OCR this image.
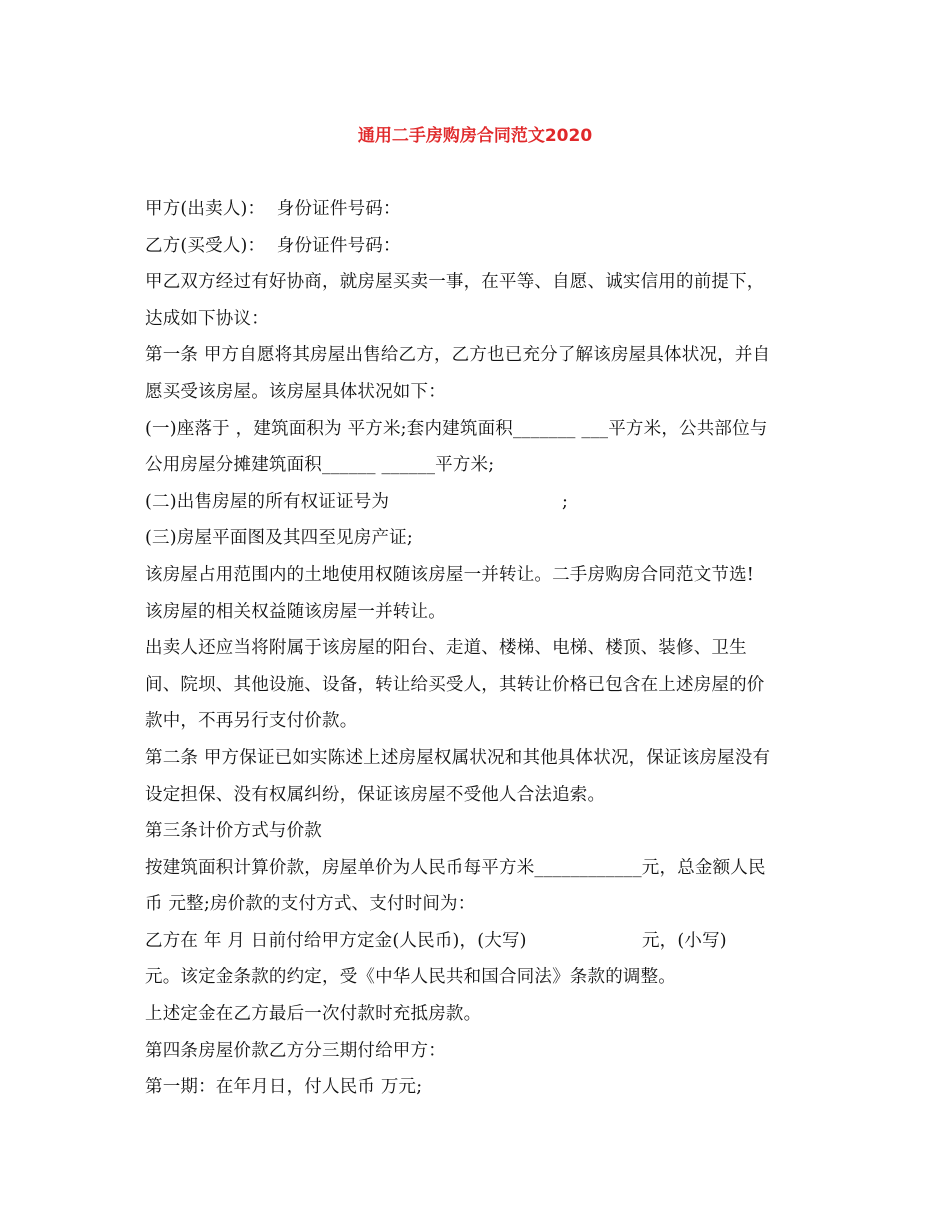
通用二手房购房合同范文2020
甲方(出卖人)：  身份证件号码：
乙方(买受人)：  身份证件号码：
甲乙双方经过有好协商，就房屋买卖一事，在平等、自愿、诚实信用的前提下，
达成如下协议：
第一条 甲方自愿将其房屋出售给乙方，乙方也已充分了解该房屋具体状况，并自
愿买受该房屋。该房屋具体状况如下：
(一)座落于 ，建筑面积为 平方米;套内建筑面积_______ ___平方米，公共部位与
公用房屋分摊建筑面积______ ______平方米;
(二)出售房屋的所有权证证号为                              ;
(三)房屋平面图及其四至见房产证;
该房屋占用范围内的土地使用权随该房屋一并转让。二手房购房合同范文节选!
该房屋的相关权益随该房屋一并转让。
出卖人还应当将附属于该房屋的阳台、走道、楼梯、电梯、楼顶、装修、卫生
间、院坝、其他设施、设备，转让给买受人，其转让价格已包含在上述房屋的价
款中，不再另行支付价款。
第二条 甲方保证已如实陈述上述房屋权属状况和其他具体状况，保证该房屋没有
设定担保、没有权属纠纷，保证该房屋不受他人合法追索。
第三条计价方式与价款
按建筑面积计算价款，房屋单价为人民币每平方米____________元，总金额人民
币 元整;房价款的支付方式、支付时间为：
乙方在 年 月 日前付给甲方定金(人民币)，(大写)                    元，(小写)
元。该定金条款的约定，受《中华人民共和国合同法》条款的调整。
上述定金在乙方最后一次付款时充抵房款。
第四条房屋价款乙方分三期付给甲方：
第一期：在年月日，付人民币 万元;
